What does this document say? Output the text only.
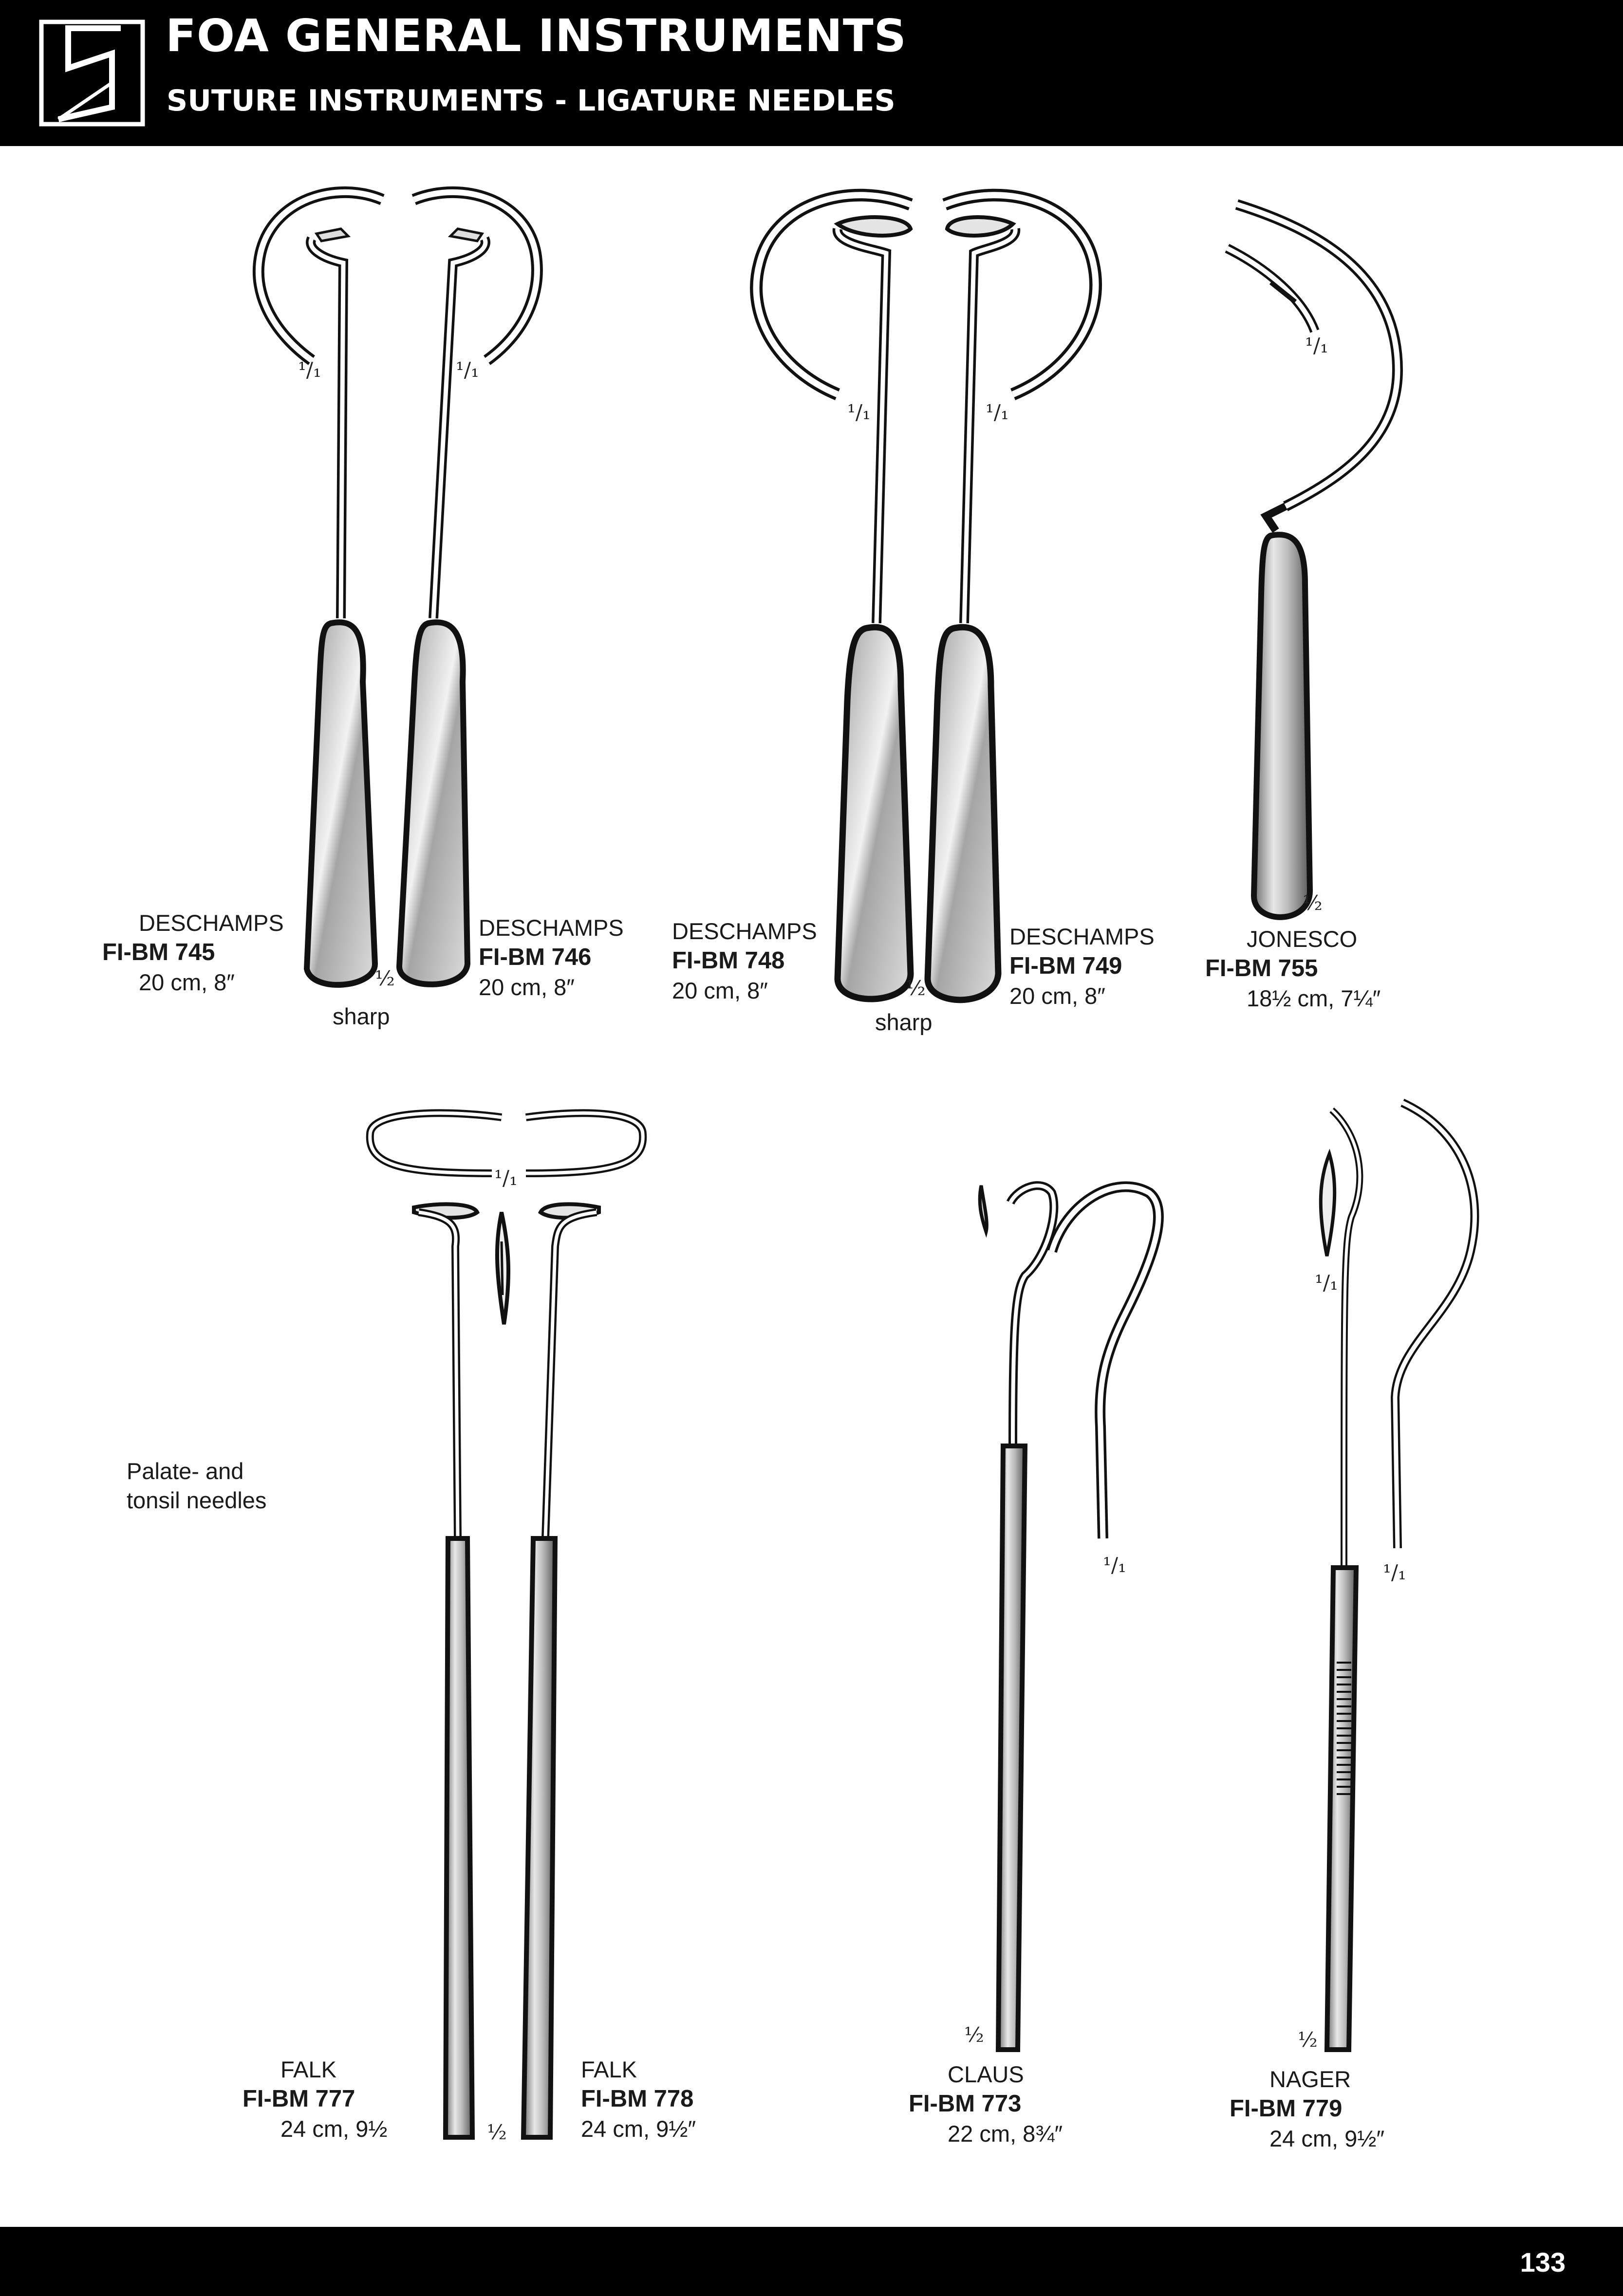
FOA GENERAL INSTRUMENTS
SUTURE INSTRUMENTS - LIGATURE NEEDLES
¹/₁	¹/₁
½
¹/₁	¹/₁
½
¹/₁
½
¹/₁
½
½
¹/₁
¹/₁
¹/₁
½
DESCHAMPS
FI-BM 745
20 cm, 8″
DESCHAMPS
FI-BM 746
20 cm, 8″
DESCHAMPS
FI-BM 748
20 cm, 8″
DESCHAMPS
FI-BM 749
20 cm, 8″
JONESCO
FI-BM 755
18½ cm, 7¼″
FALK
FI-BM 777
24 cm, 9½
FALK
FI-BM 778
24 cm, 9½″
CLAUS
FI-BM 773
22 cm, 8¾″
NAGER
FI-BM 779
24 cm, 9½″
sharp	sharp
Palate- and
tonsil needles
133
